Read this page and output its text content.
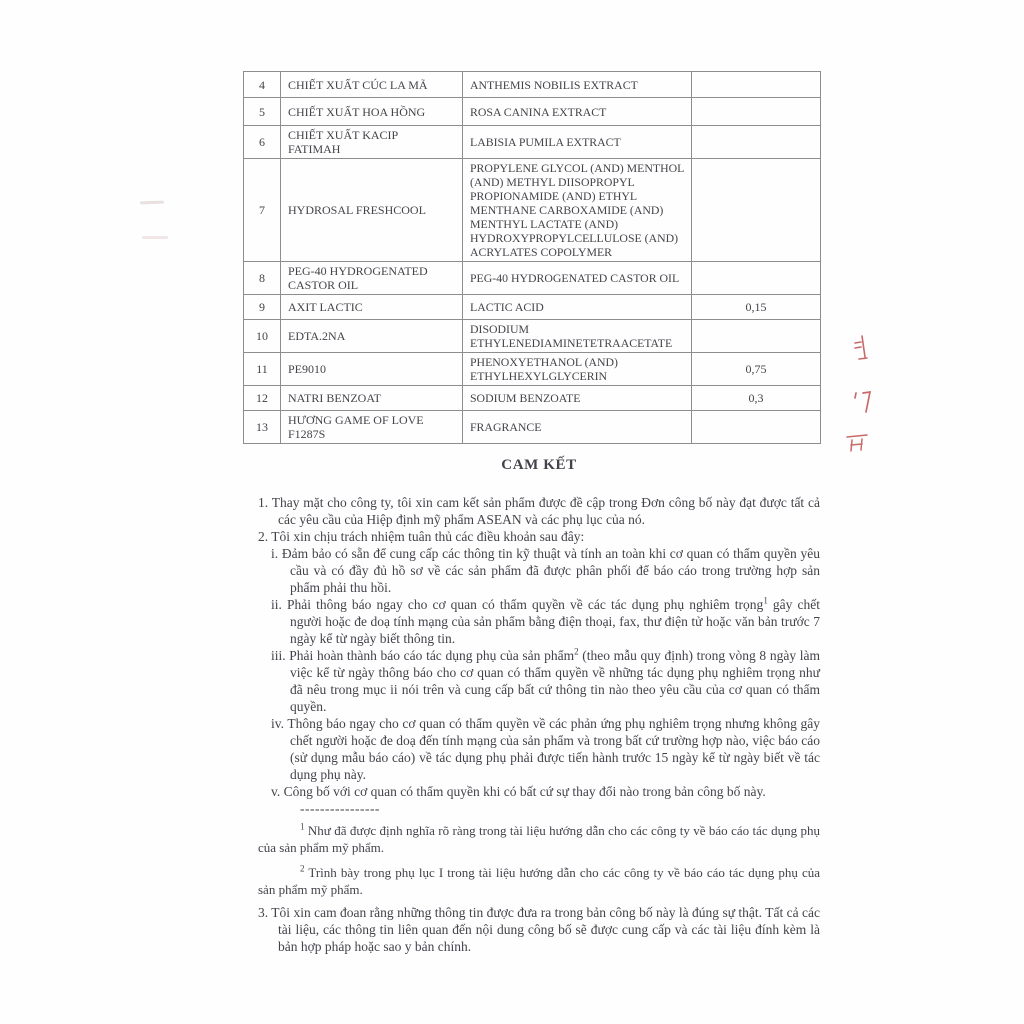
4	CHIẾT XUẤT CÚC LA MÃ	ANTHEMIS NOBILIS EXTRACT	
5	CHIẾT XUẤT HOA HỒNG	ROSA CANINA EXTRACT	
6	CHIẾT XUẤT KACIP FATIMAH	LABISIA PUMILA EXTRACT	
7	HYDROSAL FRESHCOOL	PROPYLENE GLYCOL (AND) MENTHOL (AND) METHYL DIISOPROPYL PROPIONAMIDE (AND) ETHYL MENTHANE CARBOXAMIDE (AND) MENTHYL LACTATE (AND) HYDROXYPROPYLCELLULOSE (AND) ACRYLATES COPOLYMER	
8	PEG-40 HYDROGENATED CASTOR OIL	PEG-40 HYDROGENATED CASTOR OIL	
9	AXIT LACTIC	LACTIC ACID	0,15
10	EDTA.2NA	DISODIUM ETHYLENEDIAMINETETRAACETATE	
11	PE9010	PHENOXYETHANOL (AND) ETHYLHEXYLGLYCERIN	0,75
12	NATRI BENZOAT	SODIUM BENZOATE	0,3
13	HƯƠNG GAME OF LOVE F1287S	FRAGRANCE	
CAM KẾT

1. Thay mặt cho công ty, tôi xin cam kết sản phẩm được đề cập trong Đơn công bố này đạt được tất cả các yêu cầu của Hiệp định mỹ phẩm ASEAN và các phụ lục của nó.

2. Tôi xin chịu trách nhiệm tuân thủ các điều khoản sau đây:

i. Đảm bảo có sẵn để cung cấp các thông tin kỹ thuật và tính an toàn khi cơ quan có thẩm quyền yêu cầu và có đầy đủ hồ sơ về các sản phẩm đã được phân phối để báo cáo trong trường hợp sản phẩm phải thu hồi.

ii. Phải thông báo ngay cho cơ quan có thẩm quyền về các tác dụng phụ nghiêm trọng$^1$ gây chết người hoặc đe doạ tính mạng của sản phẩm bằng điện thoại, fax, thư điện tử hoặc văn bản trước 7 ngày kể từ ngày biết thông tin.

iii. Phải hoàn thành báo cáo tác dụng phụ của sản phẩm$^2$ (theo mẫu quy định) trong vòng 8 ngày làm việc kể từ ngày thông báo cho cơ quan có thẩm quyền về những tác dụng phụ nghiêm trọng như đã nêu trong mục ii nói trên và cung cấp bất cứ thông tin nào theo yêu cầu của cơ quan có thẩm quyền.

iv. Thông báo ngay cho cơ quan có thẩm quyền về các phản ứng phụ nghiêm trọng nhưng không gây chết người hoặc đe doạ đến tính mạng của sản phẩm và trong bất cứ trường hợp nào, việc báo cáo (sử dụng mẫu báo cáo) về tác dụng phụ phải được tiến hành trước 15 ngày kể từ ngày biết về tác dụng phụ này.

v. Công bố với cơ quan có thẩm quyền khi có bất cứ sự thay đổi nào trong bản công bố này.

----------------

$^1$ Như đã được định nghĩa rõ ràng trong tài liệu hướng dẫn cho các công ty về báo cáo tác dụng phụ của sản phẩm mỹ phẩm.

$^2$ Trình bày trong phụ lục I trong tài liệu hướng dẫn cho các công ty về báo cáo tác dụng phụ của sản phẩm mỹ phẩm.

3. Tôi xin cam đoan rằng những thông tin được đưa ra trong bản công bố này là đúng sự thật. Tất cả các tài liệu, các thông tin liên quan đến nội dung công bố sẽ được cung cấp và các tài liệu đính kèm là bản hợp pháp hoặc sao y bản chính.
